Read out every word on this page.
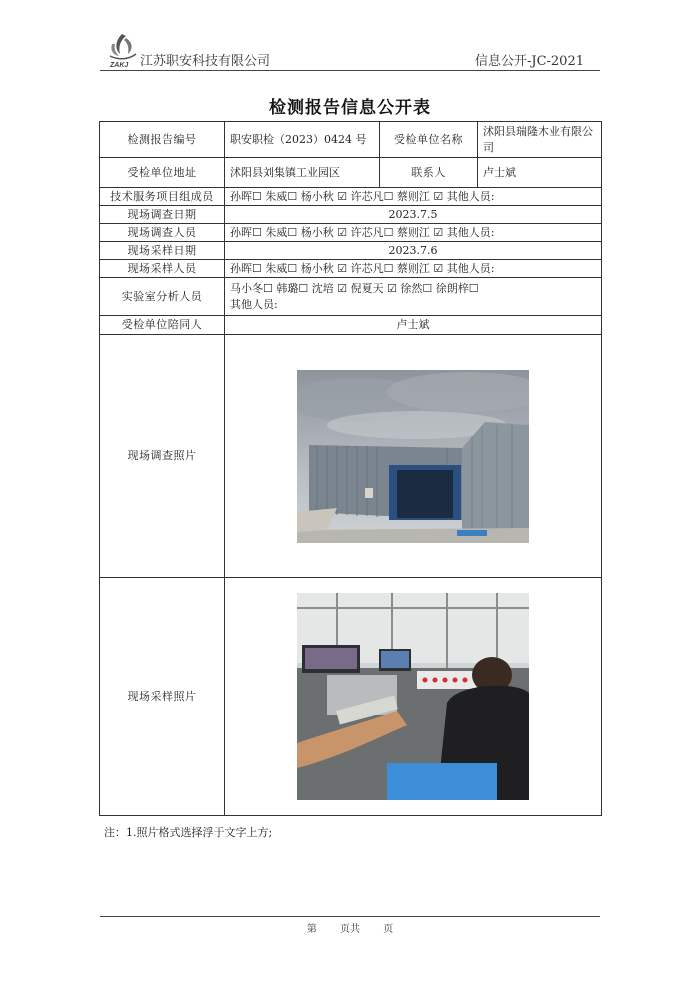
ZAKJ 江苏职安科技有限公司	信息公开-JC-2021
检测报告信息公开表
检测报告编号	职安职检（2023）0424 号	受检单位名称	沭阳县瑞隆木业有限公司
受检单位地址	沭阳县刘集镇工业园区	联系人	卢士斌
技术服务项目组成员	孙晖☐ 朱威☐ 杨小秋 ☑ 许芯凡☐ 蔡则江 ☑ 其他人员:		
现场调查日期	2023.7.5		
现场调查人员	孙晖☐ 朱威☐ 杨小秋 ☑ 许芯凡☐ 蔡则江 ☑ 其他人员:		
现场采样日期	2023.7.6		
现场采样人员	孙晖☐ 朱威☐ 杨小秋 ☑ 许芯凡☐ 蔡则江 ☑ 其他人员:		
实验室分析人员	马小冬☐ 韩璐☐ 沈培 ☑ 倪夏天 ☑ 徐然☐ 徐朗梓☐
其他人员:		

受检单位陪同人	卢士斌		
现场调查照片	

现场采样照片	
注：1.照片格式选择浮于文字上方;
第 页共 页
